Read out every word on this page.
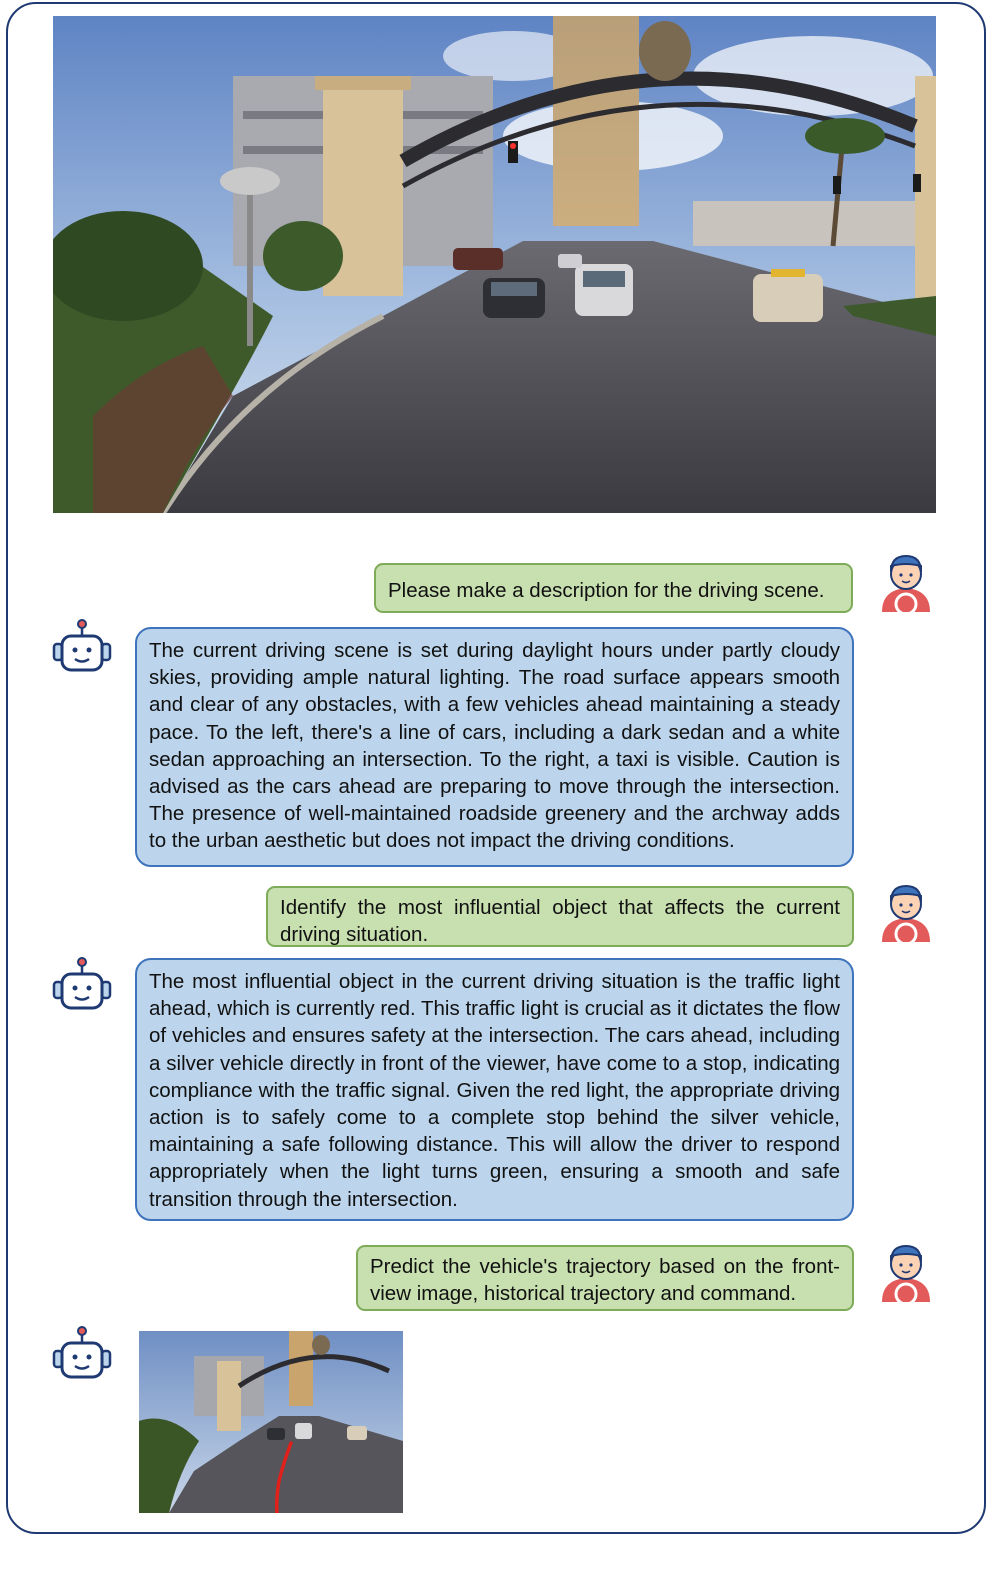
Please make a description for the driving scene.
The current driving scene is set during daylight hours under partly cloudy skies, providing ample natural lighting. The road surface appears smooth and clear of any obstacles, with a few vehicles ahead maintaining a steady pace. To the left, there's a line of cars, including a dark sedan and a white sedan approaching an intersection. To the right, a taxi is visible. Caution is advised as the cars ahead are preparing to move through the intersection. The presence of well-maintained roadside greenery and the archway adds to the urban aesthetic but does not impact the driving conditions.
Identify the most influential object that affects the current driving situation.
The most influential object in the current driving situation is the traffic light ahead, which is currently red. This traffic light is crucial as it dictates the flow of vehicles and ensures safety at the intersection. The cars ahead, including a silver vehicle directly in front of the viewer, have come to a stop, indicating compliance with the traffic signal. Given the red light, the appropriate driving action is to safely come to a complete stop behind the silver vehicle, maintaining a safe following distance. This will allow the driver to respond appropriately when the light turns green, ensuring a smooth and safe transition through the intersection.
Predict the vehicle's trajectory based on the front-view image, historical trajectory and command.
